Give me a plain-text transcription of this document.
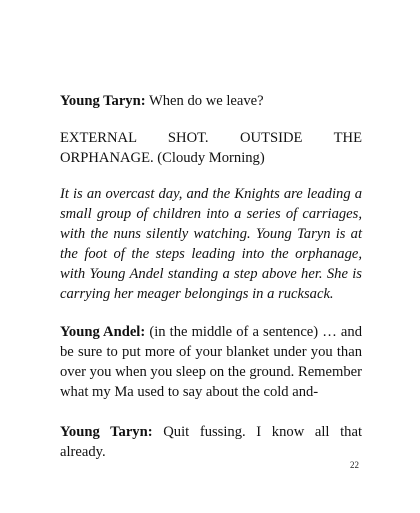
Young Taryn: When do we leave?

EXTERNAL SHOT. OUTSIDE THE ORPHANAGE. (Cloudy Morning)

It is an overcast day, and the Knights are leading a small group of children into a series of carriages, with the nuns silently watching. Young Taryn is at the foot of the steps leading into the orphanage, with Young Andel standing a step above her. She is carrying her meager belongings in a rucksack.

Young Andel: (in the middle of a sentence) … and be sure to put more of your blanket under you than over you when you sleep on the ground. Remember what my Ma used to say about the cold and-

Young Taryn: Quit fussing. I know all that already.

22
